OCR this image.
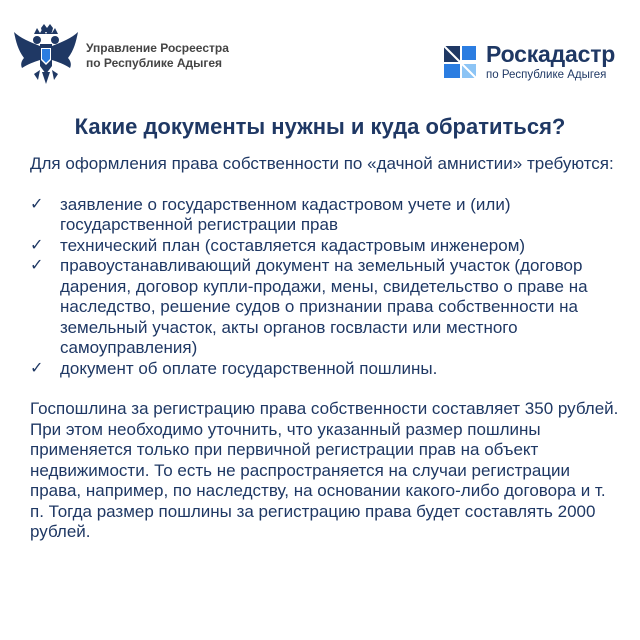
Управление Росреестра
по Республике Адыгея	Роскадастр
по Республике Адыгея
Какие документы нужны и куда обратиться?

Для оформления права собственности по «дачной амнистии» требуются:

✓ заявление о государственном кадастровом учете и (или) государственной регистрации прав
✓ технический план (составляется кадастровым инженером)
✓ правоустанавливающий документ на земельный участок (договор дарения, договор купли-продажи, мены, свидетельство о праве на наследство, решение судов о признании права собственности на земельный участок, акты органов госвласти или местного самоуправления)
✓ документ об оплате государственной пошлины.

Госпошлина за регистрацию права собственности составляет 350 рублей. При этом необходимо уточнить, что указанный размер пошлины применяется только при первичной регистрации прав на объект недвижимости. То есть не распространяется на случаи регистрации права, например, по наследству, на основании какого-либо договора и т. п. Тогда размер пошлины за регистрацию права будет составлять 2000 рублей.
